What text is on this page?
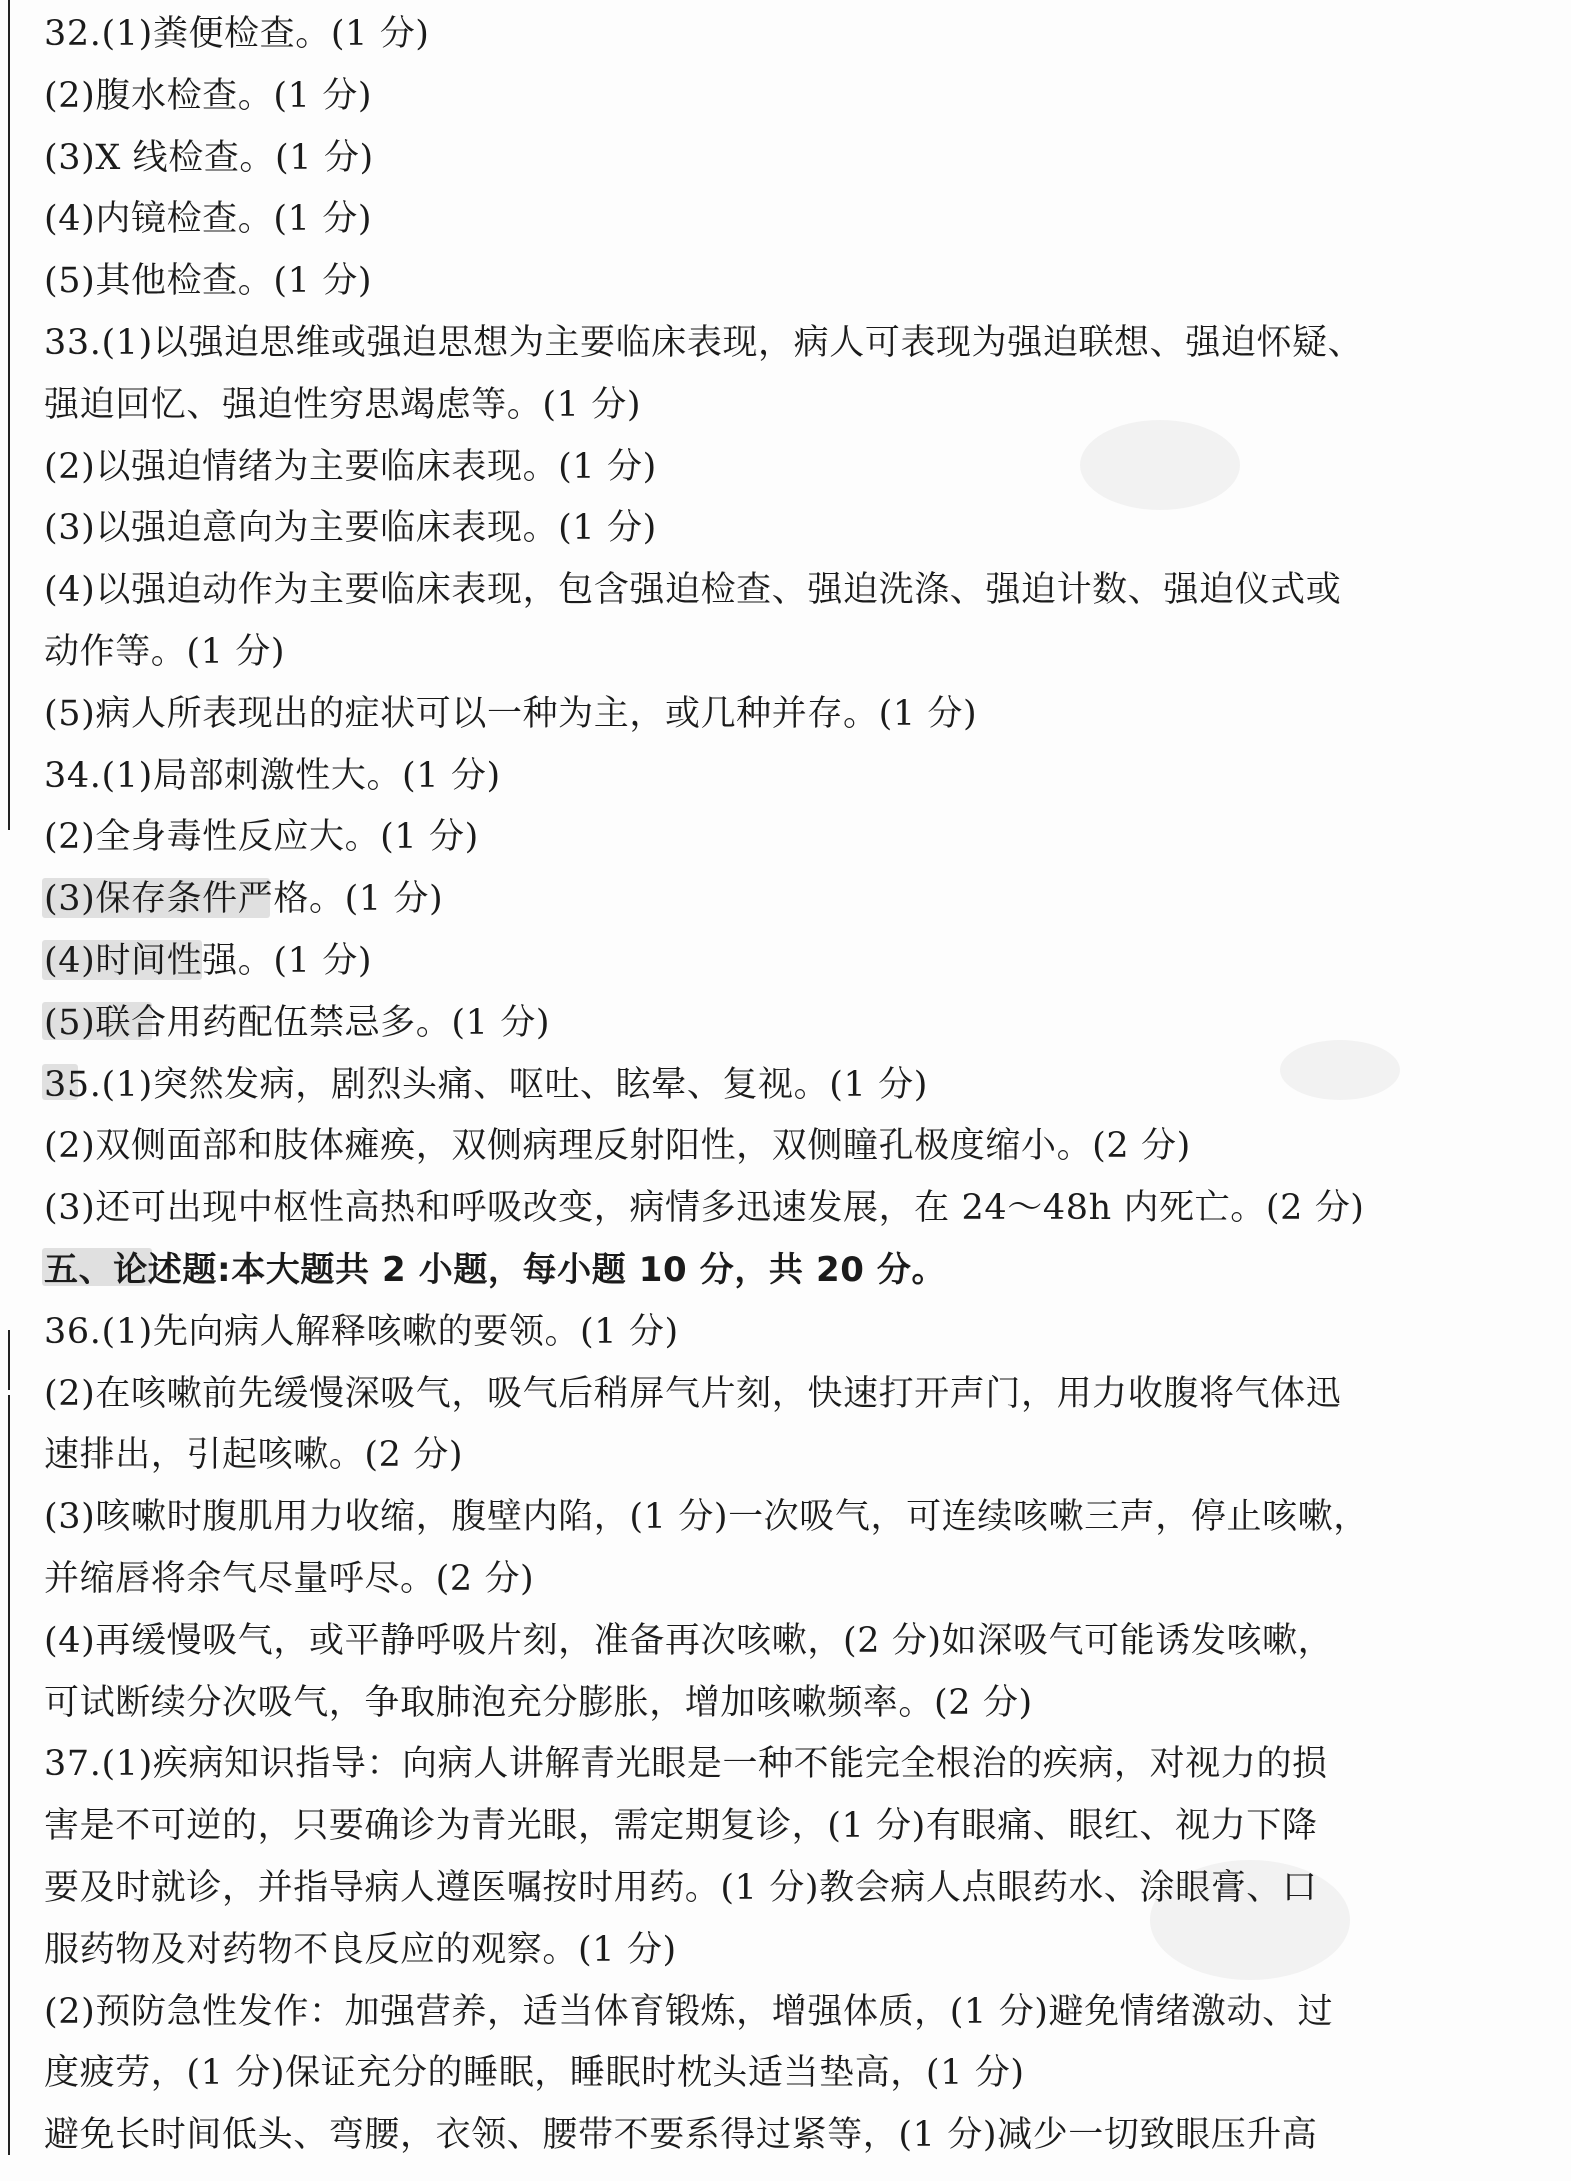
32.(1)粪便检查。(1 分)
(2)腹水检查。(1 分)
(3)X 线检查。(1 分)
(4)内镜检查。(1 分)
(5)其他检查。(1 分)
33.(1)以强迫思维或强迫思想为主要临床表现，病人可表现为强迫联想、强迫怀疑、
强迫回忆、强迫性穷思竭虑等。(1 分)
(2)以强迫情绪为主要临床表现。(1 分)
(3)以强迫意向为主要临床表现。(1 分)
(4)以强迫动作为主要临床表现，包含强迫检查、强迫洗涤、强迫计数、强迫仪式或
动作等。(1 分)
(5)病人所表现出的症状可以一种为主，或几种并存。(1 分)
34.(1)局部刺激性大。(1 分)
(2)全身毒性反应大。(1 分)
(3)保存条件严格。(1 分)
(4)时间性强。(1 分)
(5)联合用药配伍禁忌多。(1 分)
35.(1)突然发病，剧烈头痛、呕吐、眩晕、复视。(1 分)
(2)双侧面部和肢体瘫痪，双侧病理反射阳性，双侧瞳孔极度缩小。(2 分)
(3)还可出现中枢性高热和呼吸改变，病情多迅速发展，在 24～48h 内死亡。(2 分)
五、论述题:本大题共 2 小题，每小题 10 分，共 20 分。
36.(1)先向病人解释咳嗽的要领。(1 分)
(2)在咳嗽前先缓慢深吸气，吸气后稍屏气片刻，快速打开声门，用力收腹将气体迅
速排出，引起咳嗽。(2 分)
(3)咳嗽时腹肌用力收缩，腹壁内陷，(1 分)一次吸气，可连续咳嗽三声，停止咳嗽，
并缩唇将余气尽量呼尽。(2 分)
(4)再缓慢吸气，或平静呼吸片刻，准备再次咳嗽，(2 分)如深吸气可能诱发咳嗽，
可试断续分次吸气，争取肺泡充分膨胀，增加咳嗽频率。(2 分)
37.(1)疾病知识指导：向病人讲解青光眼是一种不能完全根治的疾病，对视力的损
害是不可逆的，只要确诊为青光眼，需定期复诊，(1 分)有眼痛、眼红、视力下降
要及时就诊，并指导病人遵医嘱按时用药。(1 分)教会病人点眼药水、涂眼膏、口
服药物及对药物不良反应的观察。(1 分)
(2)预防急性发作：加强营养，适当体育锻炼，增强体质，(1 分)避免情绪激动、过
度疲劳，(1 分)保证充分的睡眠，睡眠时枕头适当垫高，(1 分)
避免长时间低头、弯腰，衣领、腰带不要系得过紧等，(1 分)减少一切致眼压升高
